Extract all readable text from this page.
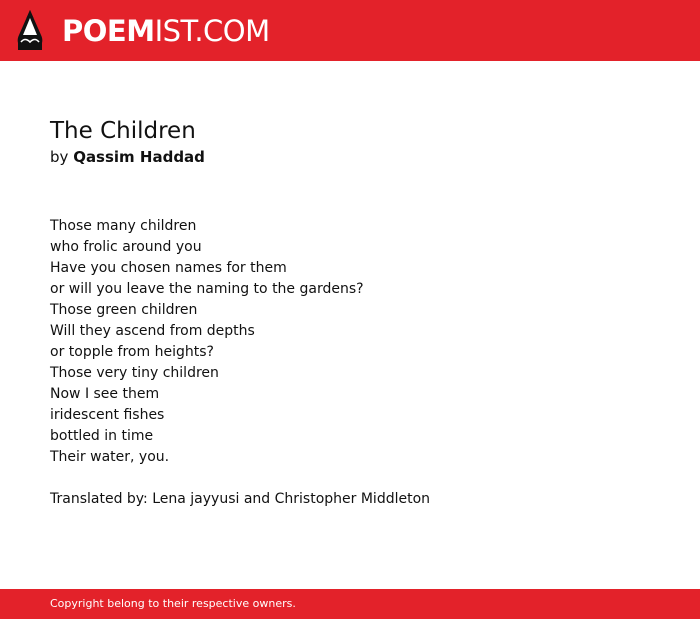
POEMIST.COM
The Children

by Qassim Haddad

Those many children
who frolic around you
Have you chosen names for them
or will you leave the naming to the gardens?
Those green children
Will they ascend from depths
or topple from heights?
Those very tiny children
Now I see them
iridescent fishes
bottled in time
Their water, you.
Translated by: Lena jayyusi and Christopher Middleton
Copyright belong to their respective owners.
